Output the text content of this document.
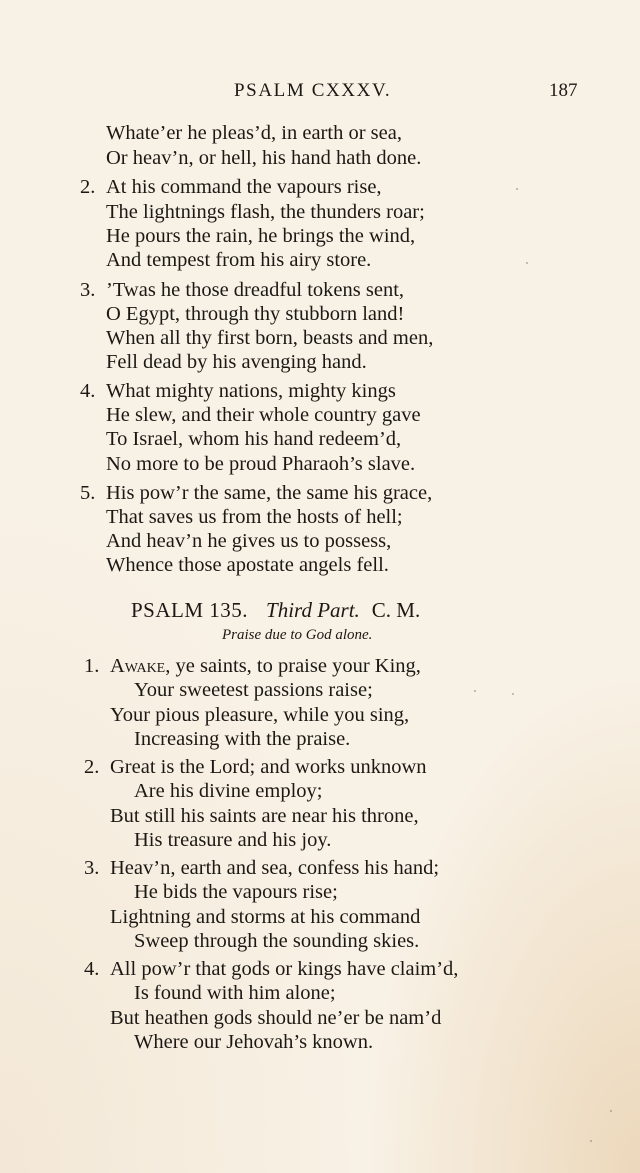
PSALM CXXXV.	187
Whate’er he pleas’d, in earth or sea,
Or heav’n, or hell, his hand hath done.
2. At his command the vapours rise,
The lightnings flash, the thunders roar;
He pours the rain, he brings the wind,
And tempest from his airy store.
3. ’Twas he those dreadful tokens sent,
O Egypt, through thy stubborn land!
When all thy first born, beasts and men,
Fell dead by his avenging hand.
4. What mighty nations, mighty kings
He slew, and their whole country gave
To Israel, whom his hand redeem’d,
No more to be proud Pharaoh’s slave.
5. His pow’r the same, the same his grace,
That saves us from the hosts of hell;
And heav’n he gives us to possess,
Whence those apostate angels fell.
PSALM 135. Third Part. C. M.
Praise due to God alone.
1. Awake, ye saints, to praise your King,
Your sweetest passions raise;
Your pious pleasure, while you sing,
Increasing with the praise.
2. Great is the Lord; and works unknown
Are his divine employ;
But still his saints are near his throne,
His treasure and his joy.
3. Heav’n, earth and sea, confess his hand;
He bids the vapours rise;
Lightning and storms at his command
Sweep through the sounding skies.
4. All pow’r that gods or kings have claim’d,
Is found with him alone;
But heathen gods should ne’er be nam’d
Where our Jehovah’s known.
